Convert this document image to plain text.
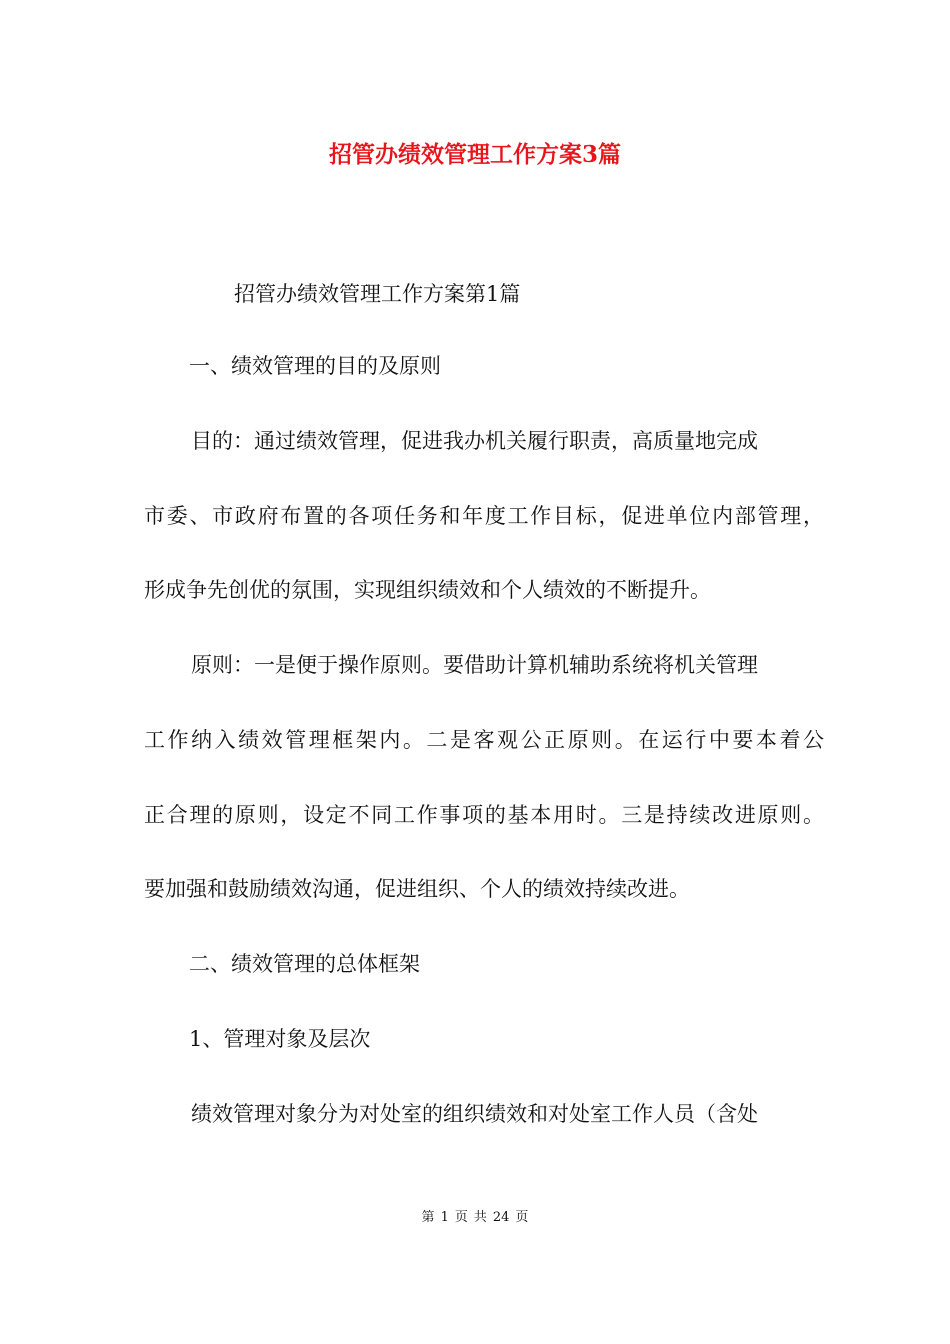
招管办绩效管理工作方案3篇
招管办绩效管理工作方案第1篇
一、绩效管理的目的及原则
目的：通过绩效管理，促进我办机关履行职责，高质量地完成
市委、市政府布置的各项任务和年度工作目标，促进单位内部管理，
形成争先创优的氛围，实现组织绩效和个人绩效的不断提升。
原则：一是便于操作原则。要借助计算机辅助系统将机关管理
工作纳入绩效管理框架内。二是客观公正原则。在运行中要本着公
正合理的原则，设定不同工作事项的基本用时。三是持续改进原则。
要加强和鼓励绩效沟通，促进组织、个人的绩效持续改进。
二、绩效管理的总体框架
1、管理对象及层次
绩效管理对象分为对处室的组织绩效和对处室工作人员（含处
第 1 页 共 24 页
